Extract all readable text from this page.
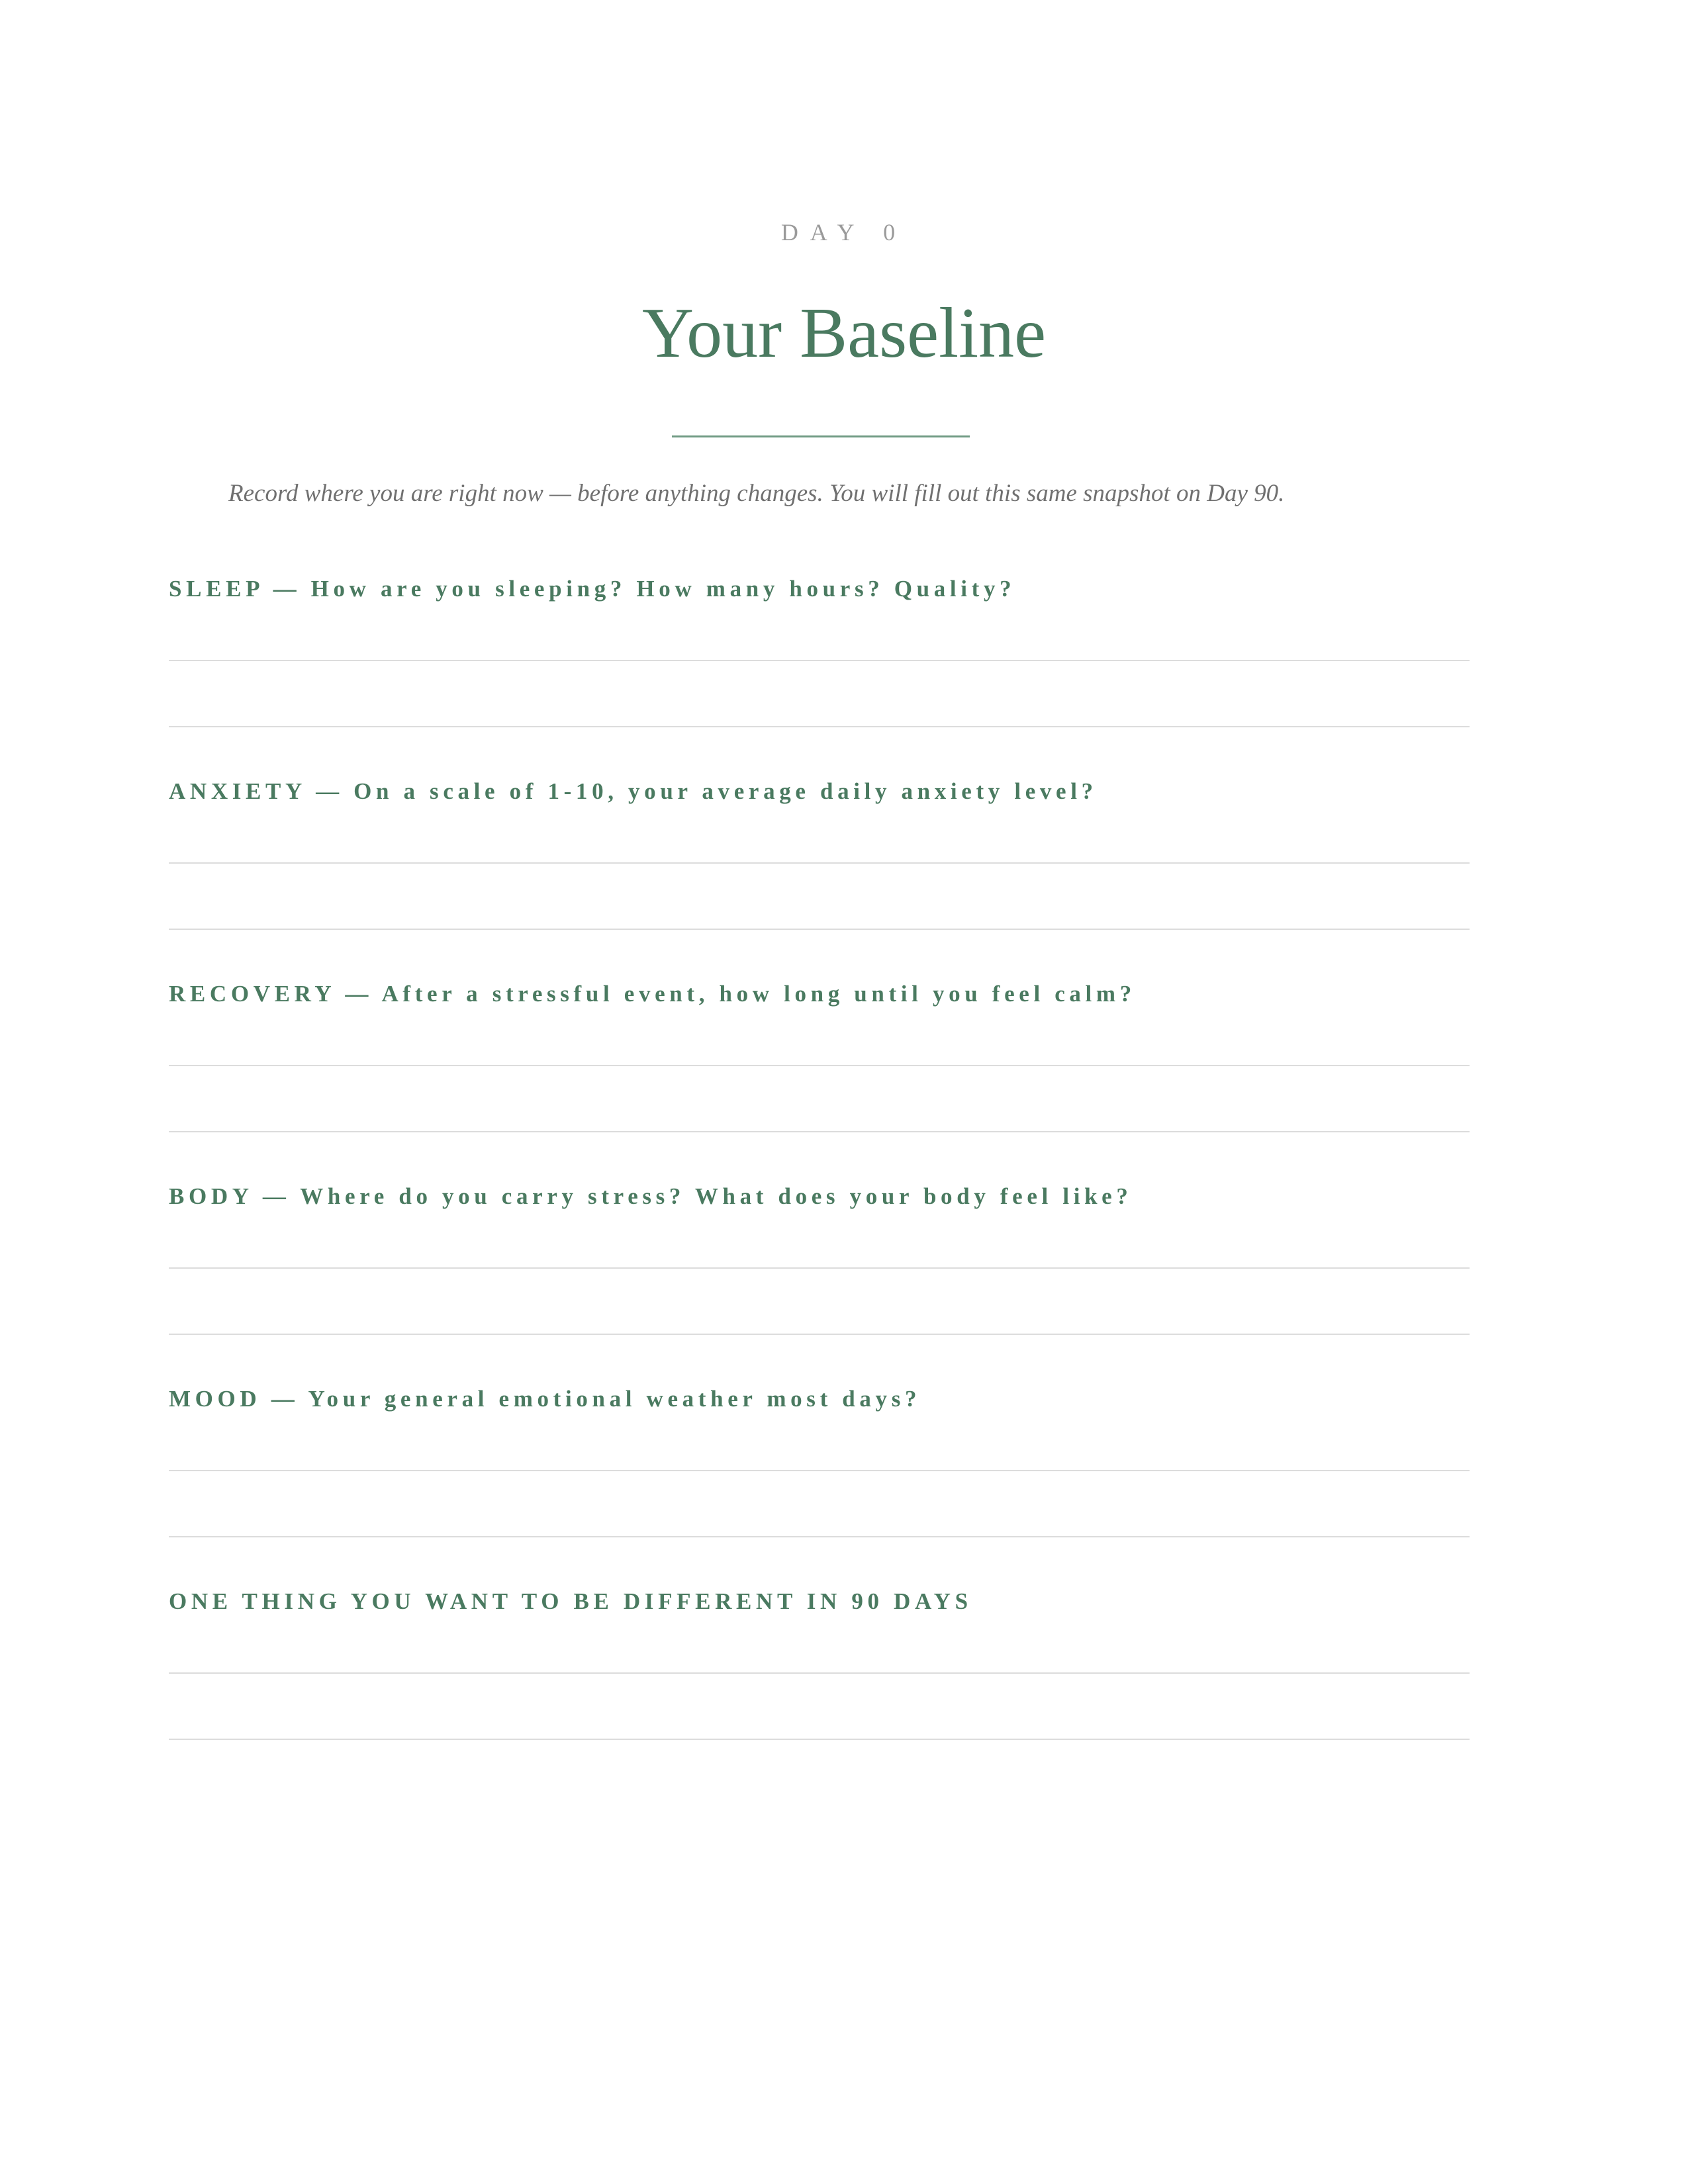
DAY 0
Your Baseline
Record where you are right now — before anything changes. You will fill out this same snapshot on Day 90.
SLEEP — How are you sleeping? How many hours? Quality?
ANXIETY — On a scale of 1-10, your average daily anxiety level?
RECOVERY — After a stressful event, how long until you feel calm?
BODY — Where do you carry stress? What does your body feel like?
MOOD — Your general emotional weather most days?
ONE THING YOU WANT TO BE DIFFERENT IN 90 DAYS
